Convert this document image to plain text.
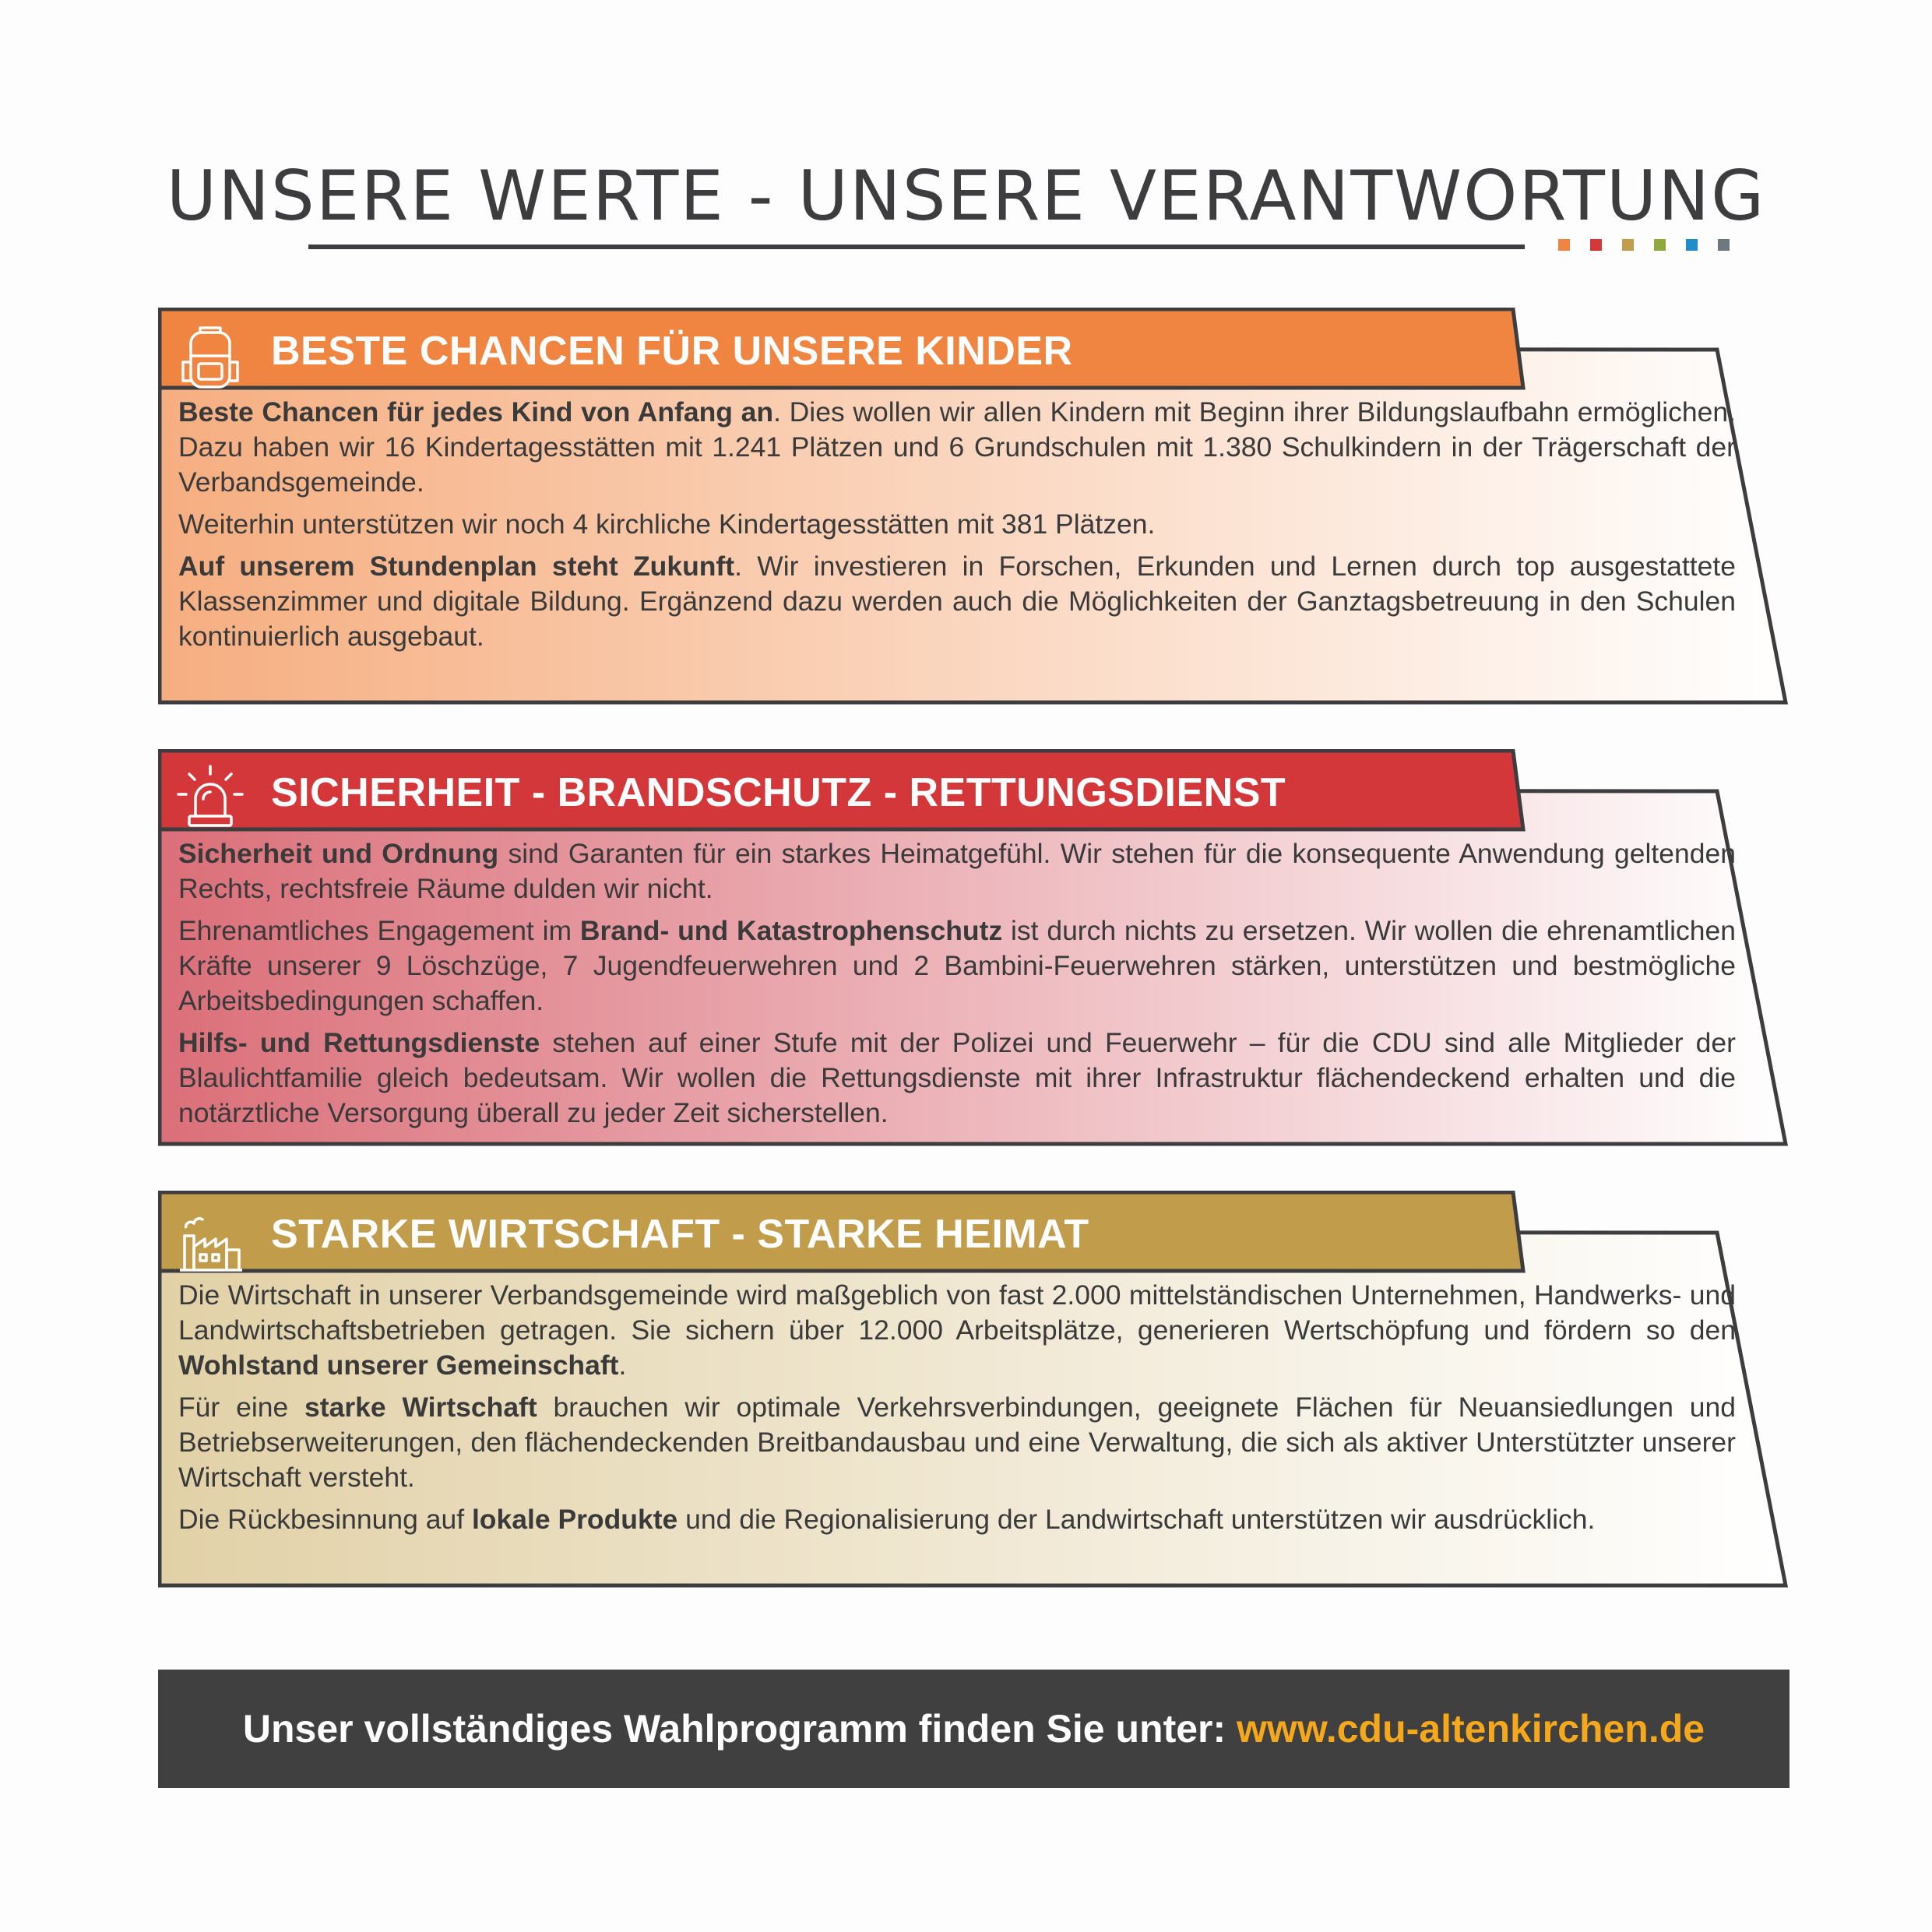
UNSERE WERTE - UNSERE VERANTWORTUNG
BESTE CHANCEN FÜR UNSERE KINDER

Beste Chancen für jedes Kind von Anfang an. Dies wollen wir allen Kindern mit Beginn ihrer Bildungslaufbahn ermöglichen. Dazu haben wir 16 Kindertagesstätten mit 1.241 Plätzen und 6 Grundschulen mit 1.380 Schulkindern in der Trägerschaft der Verbandsgemeinde.

Weiterhin unterstützen wir noch 4 kirchliche Kindertagesstätten mit 381 Plätzen.

Auf unserem Stundenplan steht Zukunft. Wir investieren in Forschen, Erkunden und Lernen durch top ausgestattete Klassenzimmer und digitale Bildung. Ergänzend dazu werden auch die Möglichkeiten der Ganztagsbetreuung in den Schulen kontinuierlich ausgebaut.

SICHERHEIT - BRANDSCHUTZ - RETTUNGSDIENST

Sicherheit und Ordnung sind Garanten für ein starkes Heimatgefühl. Wir stehen für die konsequente Anwendung geltenden Rechts, rechtsfreie Räume dulden wir nicht.

Ehrenamtliches Engagement im Brand- und Katastrophenschutz ist durch nichts zu ersetzen. Wir wollen die ehrenamtlichen Kräfte unserer 9 Löschzüge, 7 Jugendfeuerwehren und 2 Bambini-Feuerwehren stärken, unterstützen und bestmögliche Arbeitsbedingungen schaffen.

Hilfs- und Rettungsdienste stehen auf einer Stufe mit der Polizei und Feuerwehr – für die CDU sind alle Mitglieder der Blaulichtfamilie gleich bedeutsam. Wir wollen die Rettungsdienste mit ihrer Infrastruktur flächendeckend erhalten und die notärztliche Versorgung überall zu jeder Zeit sicherstellen.

STARKE WIRTSCHAFT - STARKE HEIMAT

Die Wirtschaft in unserer Verbandsgemeinde wird maßgeblich von fast 2.000 mittelständischen Unternehmen, Handwerks- und Landwirtschaftsbetrieben getragen. Sie sichern über 12.000 Arbeitsplätze, generieren Wertschöpfung und fördern so den Wohlstand unserer Gemeinschaft.

Für eine starke Wirtschaft brauchen wir optimale Verkehrsverbindungen, geeignete Flächen für Neuansiedlungen und Betriebserweiterungen, den flächendeckenden Breitbandausbau und eine Verwaltung, die sich als aktiver Unterstützter unserer Wirtschaft versteht.

Die Rückbesinnung auf lokale Produkte und die Regionalisierung der Landwirtschaft unterstützen wir ausdrücklich.

Unser vollständiges Wahlprogramm finden Sie unter: www.cdu-altenkirchen.de
